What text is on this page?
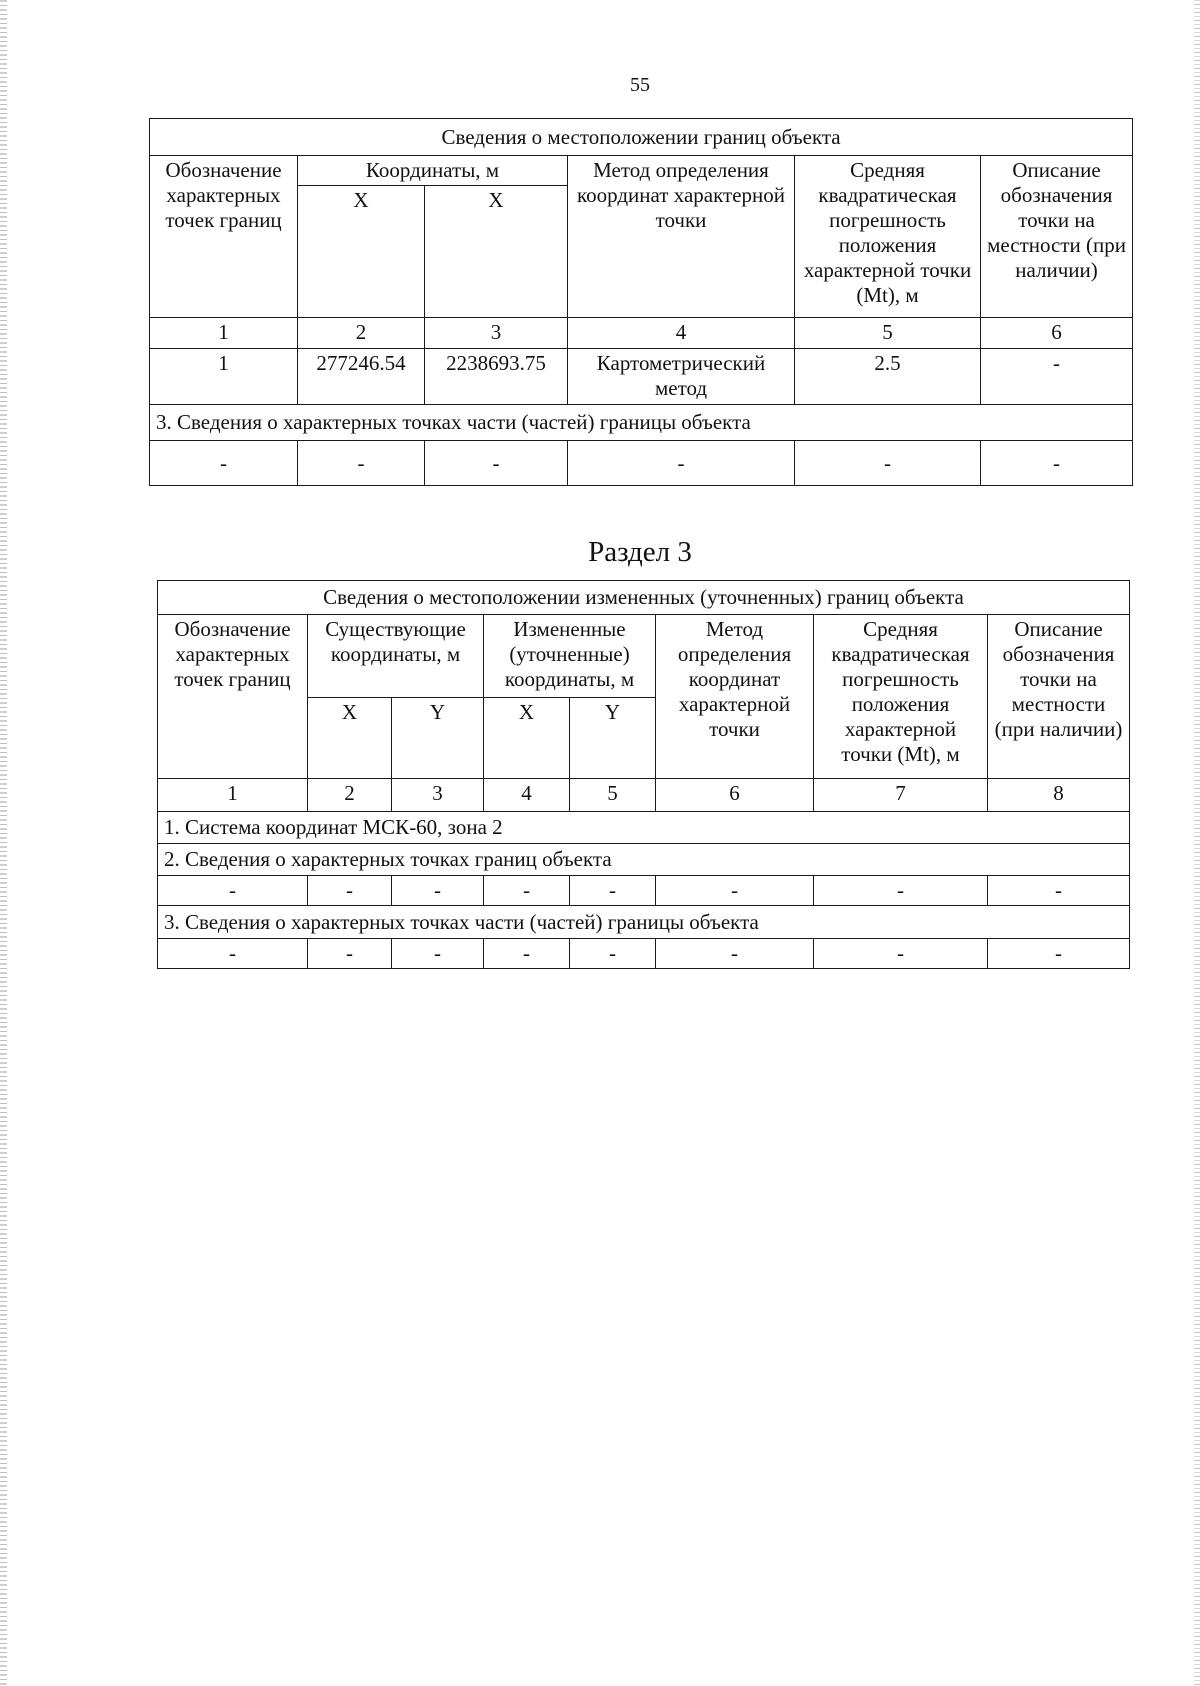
55
Сведения о местоположении границ объекта					
Обозначение характерных точек границ	Координаты, м		Метод определения координат характерной точки	Средняя квадратическая погрешность положения характерной точки (Mt), м	Описание обозначения точки на местности (при наличии)
	X	X			
1	2	3	4	5	6
1	277246.54	2238693.75	Картометрический метод	2.5	-
3. Сведения о характерных точках части (частей) границы объекта					
-	-	-	-	-	-
Раздел 3
Сведения о местоположении измененных (уточненных) границ объекта							
Обозначение характерных точек границ	Существующие координаты, м		Измененные (уточненные) координаты, м		Метод определения координат характерной точки	Средняя квадратическая погрешность положения характерной точки (Mt), м	Описание обозначения точки на местности (при наличии)
	X	Y	X	Y			
1	2	3	4	5	6	7	8
1. Система координат МСК-60, зона 2							
2. Сведения о характерных точках границ объекта							
-	-	-	-	-	-	-	-
3. Сведения о характерных точках части (частей) границы объекта							
-	-	-	-	-	-	-	-
